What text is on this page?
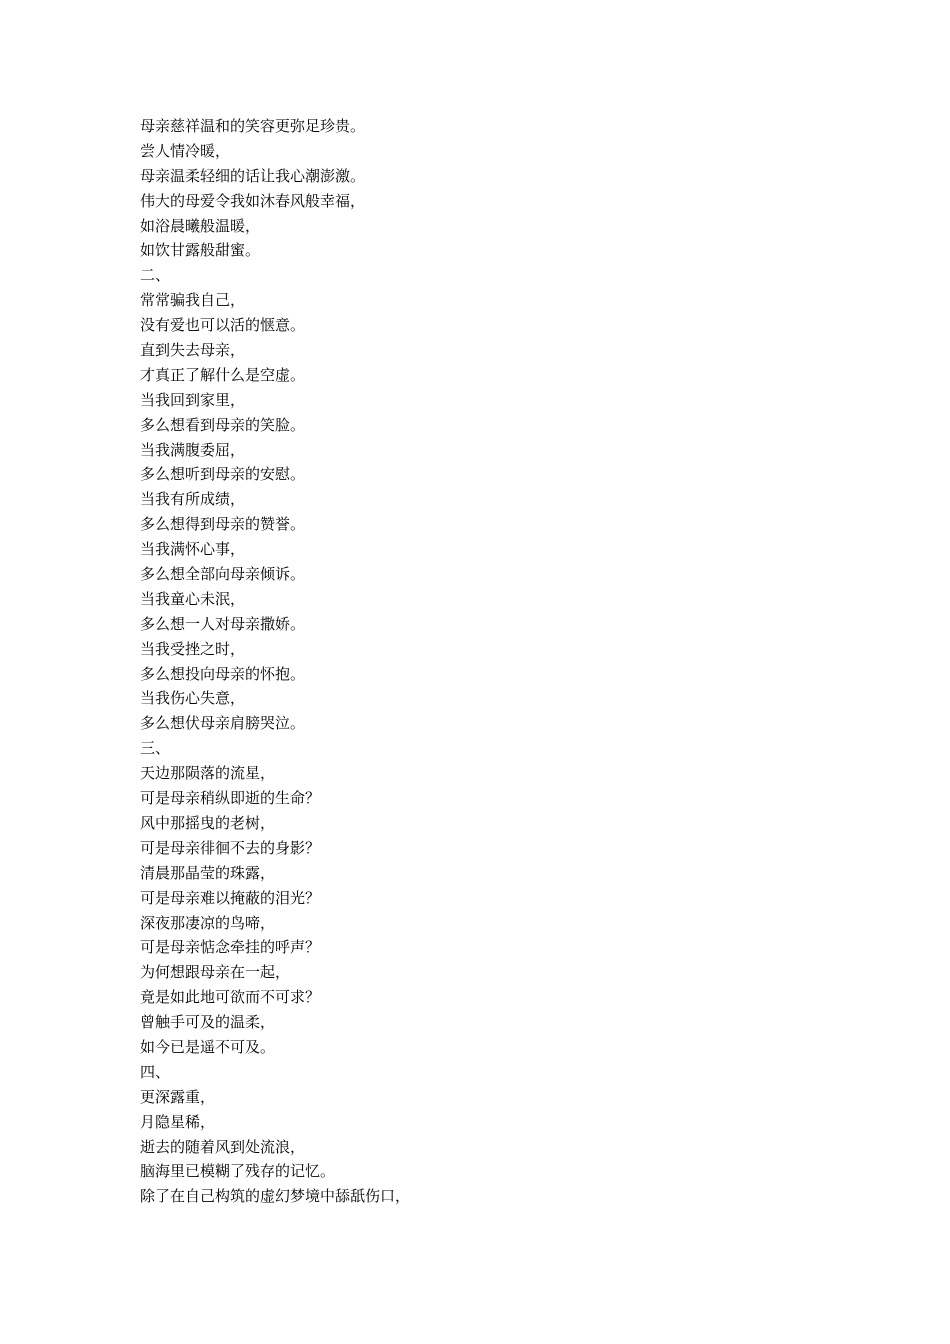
母亲慈祥温和的笑容更弥足珍贵。
尝人情冷暖，
母亲温柔轻细的话让我心潮澎激。
伟大的母爱令我如沐春风般幸福，
如浴晨曦般温暖，
如饮甘露般甜蜜。
二、
常常骗我自己，
没有爱也可以活的惬意。
直到失去母亲，
才真正了解什么是空虚。
当我回到家里，
多么想看到母亲的笑脸。
当我满腹委屈，
多么想听到母亲的安慰。
当我有所成绩，
多么想得到母亲的赞誉。
当我满怀心事，
多么想全部向母亲倾诉。
当我童心未泯，
多么想一人对母亲撒娇。
当我受挫之时，
多么想投向母亲的怀抱。
当我伤心失意，
多么想伏母亲肩膀哭泣。
三、
天边那陨落的流星，
可是母亲稍纵即逝的生命？
风中那摇曳的老树，
可是母亲徘徊不去的身影？
清晨那晶莹的珠露，
可是母亲难以掩蔽的泪光？
深夜那凄凉的鸟啼，
可是母亲惦念牵挂的呼声？
为何想跟母亲在一起，
竟是如此地可欲而不可求？
曾触手可及的温柔，
如今已是遥不可及。
四、
更深露重，
月隐星稀，
逝去的随着风到处流浪，
脑海里已模糊了残存的记忆。
除了在自己构筑的虚幻梦境中舔舐伤口，
